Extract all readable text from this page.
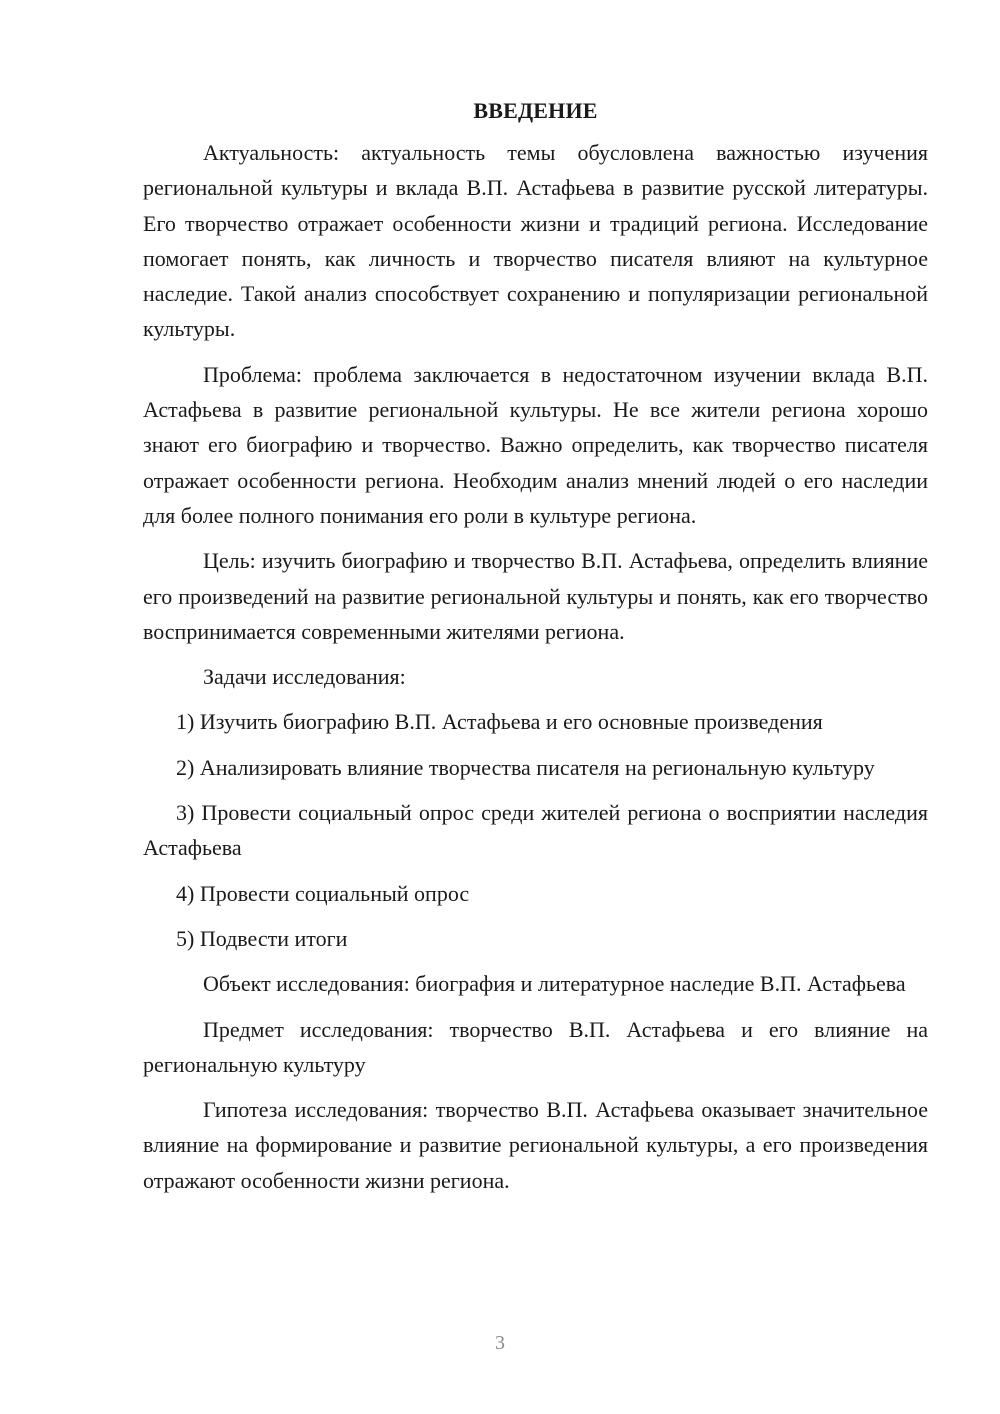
ВВЕДЕНИЕ

Актуальность: актуальность темы обусловлена важностью изучения региональной культуры и вклада В.П. Астафьева в развитие русской литературы. Его творчество отражает особенности жизни и традиций региона. Исследование помогает понять, как личность и творчество писателя влияют на культурное наследие. Такой анализ способствует сохранению и популяризации региональной культуры.

Проблема: проблема заключается в недостаточном изучении вклада В.П. Астафьева в развитие региональной культуры. Не все жители региона хорошо знают его биографию и творчество. Важно определить, как творчество писателя отражает особенности региона. Необходим анализ мнений людей о его наследии для более полного понимания его роли в культуре региона.

Цель: изучить биографию и творчество В.П. Астафьева, определить влияние его произведений на развитие региональной культуры и понять, как его творчество воспринимается современными жителями региона.

Задачи исследования:

1) Изучить биографию В.П. Астафьева и его основные произведения

2) Анализировать влияние творчества писателя на региональную культуру

3) Провести социальный опрос среди жителей региона о восприятии наследия Астафьева

4) Провести социальный опрос

5) Подвести итоги

Объект исследования: биография и литературное наследие В.П. Астафьева

Предмет исследования: творчество В.П. Астафьева и его влияние на региональную культуру

Гипотеза исследования: творчество В.П. Астафьева оказывает значительное влияние на формирование и развитие региональной культуры, а его произведения отражают особенности жизни региона.

3
